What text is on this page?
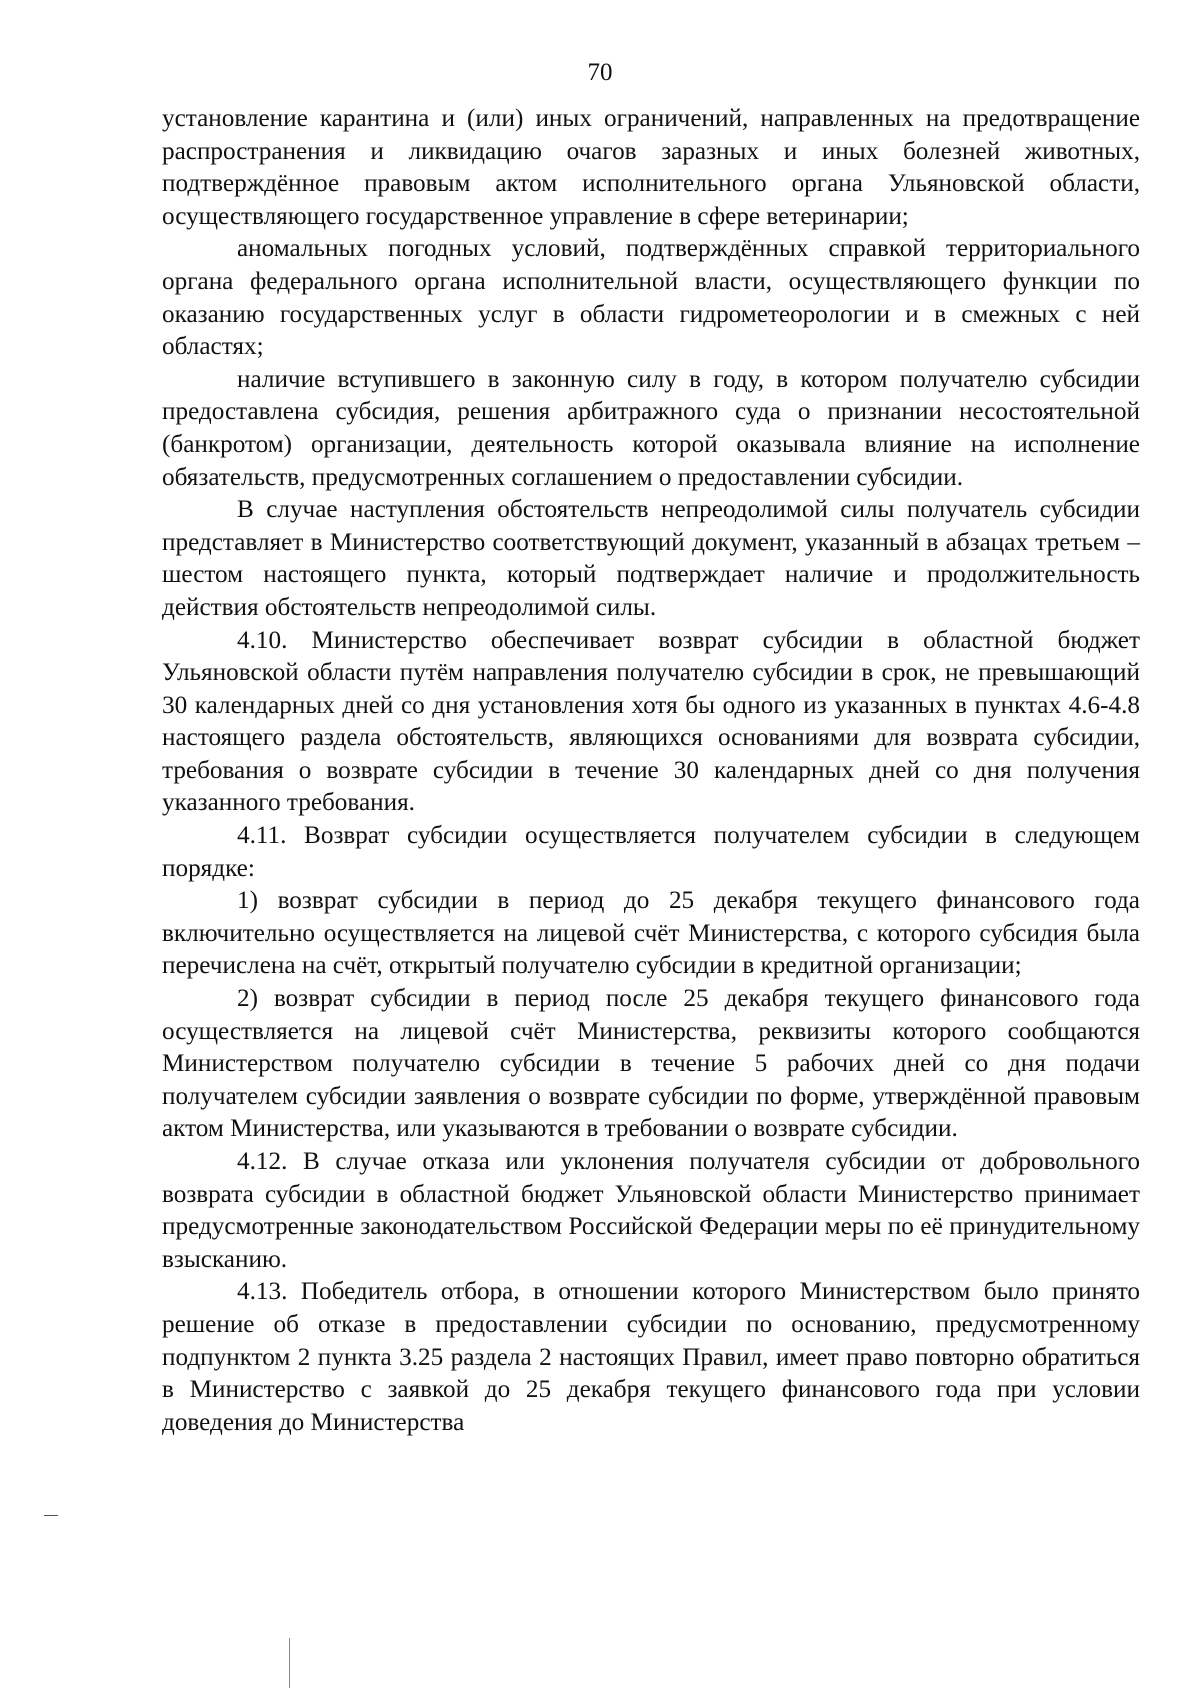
70

установление карантина и (или) иных ограничений, направленных на предотвращение распространения и ликвидацию очагов заразных и иных болезней животных, подтверждённое правовым актом исполнительного органа Ульяновской области, осуществляющего государственное управление в сфере ветеринарии;

аномальных погодных условий, подтверждённых справкой территориального органа федерального органа исполнительной власти, осуществляющего функции по оказанию государственных услуг в области гидрометеорологии и в смежных с ней областях;

наличие вступившего в законную силу в году, в котором получателю субсидии предоставлена субсидия, решения арбитражного суда о признании несостоятельной (банкротом) организации, деятельность которой оказывала влияние на исполнение обязательств, предусмотренных соглашением о предоставлении субсидии.

В случае наступления обстоятельств непреодолимой силы получатель субсидии представляет в Министерство соответствующий документ, указанный в абзацах третьем – шестом настоящего пункта, который подтверждает наличие и продолжительность действия обстоятельств непреодолимой силы.

4.10. Министерство обеспечивает возврат субсидии в областной бюджет Ульяновской области путём направления получателю субсидии в срок, не превышающий 30 календарных дней со дня установления хотя бы одного из указанных в пунктах 4.6-4.8 настоящего раздела обстоятельств, являющихся основаниями для возврата субсидии, требования о возврате субсидии в течение 30 календарных дней со дня получения указанного требования.

4.11. Возврат субсидии осуществляется получателем субсидии в следующем порядке:

1) возврат субсидии в период до 25 декабря текущего финансового года включительно осуществляется на лицевой счёт Министерства, с которого субсидия была перечислена на счёт, открытый получателю субсидии в кредитной организации;

2) возврат субсидии в период после 25 декабря текущего финансового года осуществляется на лицевой счёт Министерства, реквизиты которого сообщаются Министерством получателю субсидии в течение 5 рабочих дней со дня подачи получателем субсидии заявления о возврате субсидии по форме, утверждённой правовым актом Министерства, или указываются в требовании о возврате субсидии.

4.12. В случае отказа или уклонения получателя субсидии от добровольного возврата субсидии в областной бюджет Ульяновской области Министерство принимает предусмотренные законодательством Российской Федерации меры по её принудительному взысканию.

4.13. Победитель отбора, в отношении которого Министерством было принято решение об отказе в предоставлении субсидии по основанию, предусмотренному подпунктом 2 пункта 3.25 раздела 2 настоящих Правил, имеет право повторно обратиться в Министерство с заявкой до 25 декабря текущего финансового года при условии доведения до Министерства
